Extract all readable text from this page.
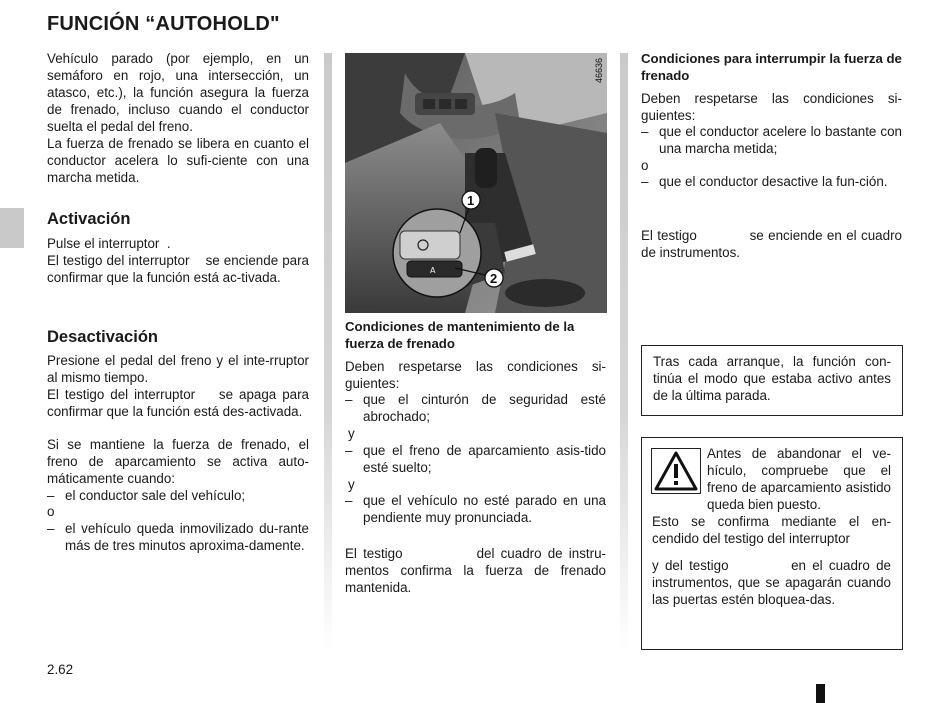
FUNCIÓN “AUTOHOLD"

Vehículo parado (por ejemplo, en un semáforo en rojo, una intersección, un atasco, etc.), la función asegura la fuerza de frenado, incluso cuando el conductor suelta el pedal del freno.

La fuerza de frenado se libera en cuanto el conductor acelera lo sufi-ciente con una marcha metida.

Activación

Pulse el interruptor  .

El testigo del interruptor    se enciende para confirmar que la función está ac-tivada.

Desactivación

Presione el pedal del freno y el inte-rruptor    al mismo tiempo.

El testigo del interruptor    se apaga para confirmar que la función está des-activada.

Si se mantiene la fuerza de frenado, el freno de aparcamiento se activa auto-máticamente cuando:

– el conductor sale del vehículo;

o

– el vehículo queda inmovilizado du-rante más de tres minutos aproxima-damente.

2.62

A
1
2
46636

Condiciones de mantenimiento de la fuerza de frenado

Deben respetarse las condiciones si-guientes:

– que el cinturón de seguridad esté abrochado;

y

– que el freno de aparcamiento asis-tido esté suelto;

y

– que el vehículo no esté parado en una pendiente muy pronunciada.

El testigo            del cuadro de instru-mentos confirma la fuerza de frenado mantenida.

Condiciones para interrumpir la fuerza de frenado

Deben respetarse las condiciones si-guientes:

– que el conductor acelere lo bastante con una marcha metida;

o

– que el conductor desactive la fun-ción.

El testigo            se enciende en el cuadro de instrumentos.

Tras cada arranque, la función con-tinúa el modo que estaba activo antes de la última parada.

Antes de abandonar el ve-hículo, compruebe que el freno de aparcamiento asistido queda bien puesto.

Esto se confirma mediante el en-cendido del testigo del interruptor

y del testigo          en el cuadro de instrumentos, que se apagarán cuando las puertas estén bloquea-das.
